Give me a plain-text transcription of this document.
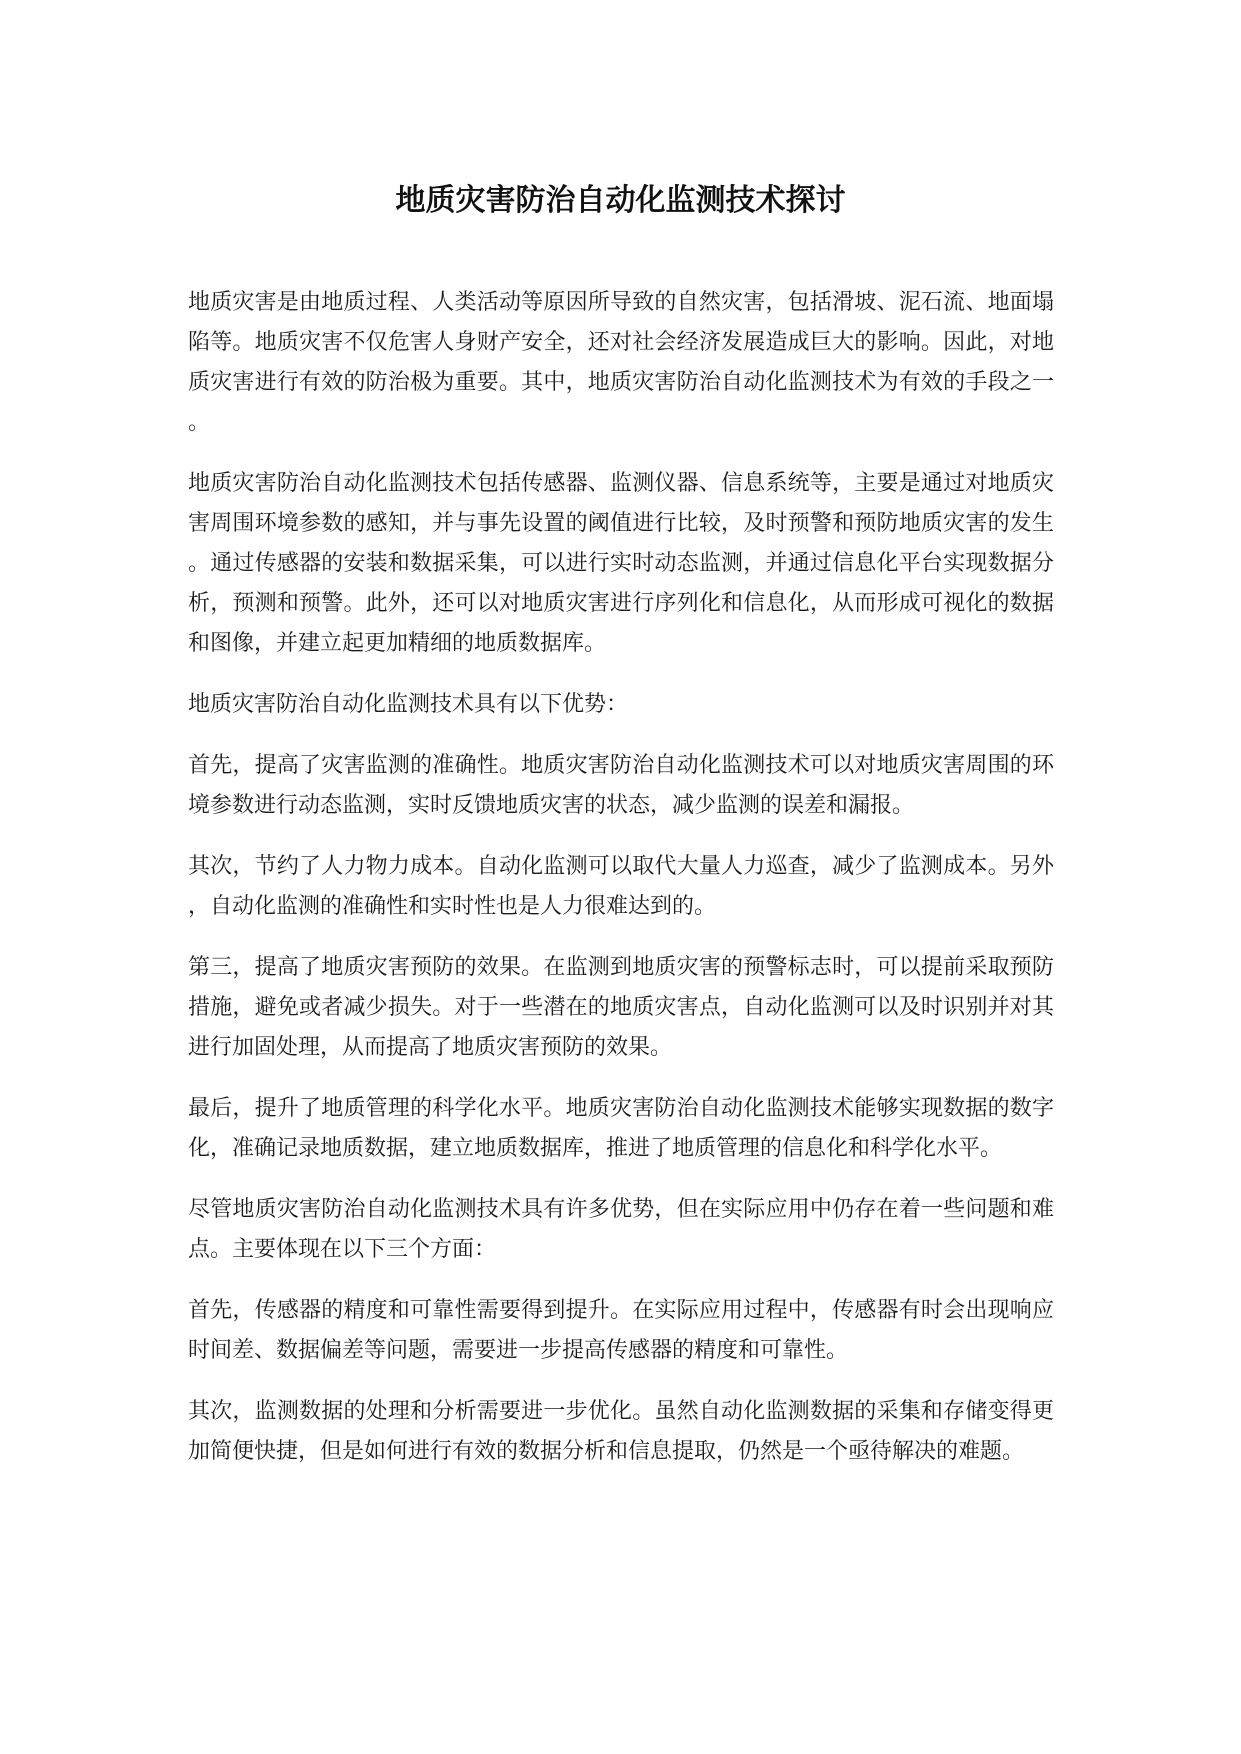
地质灾害防治自动化监测技术探讨

地质灾害是由地质过程、人类活动等原因所导致的自然灾害，包括滑坡、泥石流、地面塌陷等。地质灾害不仅危害人身财产安全，还对社会经济发展造成巨大的影响。因此，对地质灾害进行有效的防治极为重要。其中，地质灾害防治自动化监测技术为有效的手段之一。

地质灾害防治自动化监测技术包括传感器、监测仪器、信息系统等，主要是通过对地质灾害周围环境参数的感知，并与事先设置的阈值进行比较，及时预警和预防地质灾害的发生。通过传感器的安装和数据采集，可以进行实时动态监测，并通过信息化平台实现数据分析，预测和预警。此外，还可以对地质灾害进行序列化和信息化，从而形成可视化的数据和图像，并建立起更加精细的地质数据库。

地质灾害防治自动化监测技术具有以下优势：

首先，提高了灾害监测的准确性。地质灾害防治自动化监测技术可以对地质灾害周围的环境参数进行动态监测，实时反馈地质灾害的状态，减少监测的误差和漏报。

其次，节约了人力物力成本。自动化监测可以取代大量人力巡查，减少了监测成本。另外，自动化监测的准确性和实时性也是人力很难达到的。

第三，提高了地质灾害预防的效果。在监测到地质灾害的预警标志时，可以提前采取预防措施，避免或者减少损失。对于一些潜在的地质灾害点，自动化监测可以及时识别并对其进行加固处理，从而提高了地质灾害预防的效果。

最后，提升了地质管理的科学化水平。地质灾害防治自动化监测技术能够实现数据的数字化，准确记录地质数据，建立地质数据库，推进了地质管理的信息化和科学化水平。

尽管地质灾害防治自动化监测技术具有许多优势，但在实际应用中仍存在着一些问题和难点。主要体现在以下三个方面：

首先，传感器的精度和可靠性需要得到提升。在实际应用过程中，传感器有时会出现响应时间差、数据偏差等问题，需要进一步提高传感器的精度和可靠性。

其次，监测数据的处理和分析需要进一步优化。虽然自动化监测数据的采集和存储变得更加简便快捷，但是如何进行有效的数据分析和信息提取，仍然是一个亟待解决的难题。
